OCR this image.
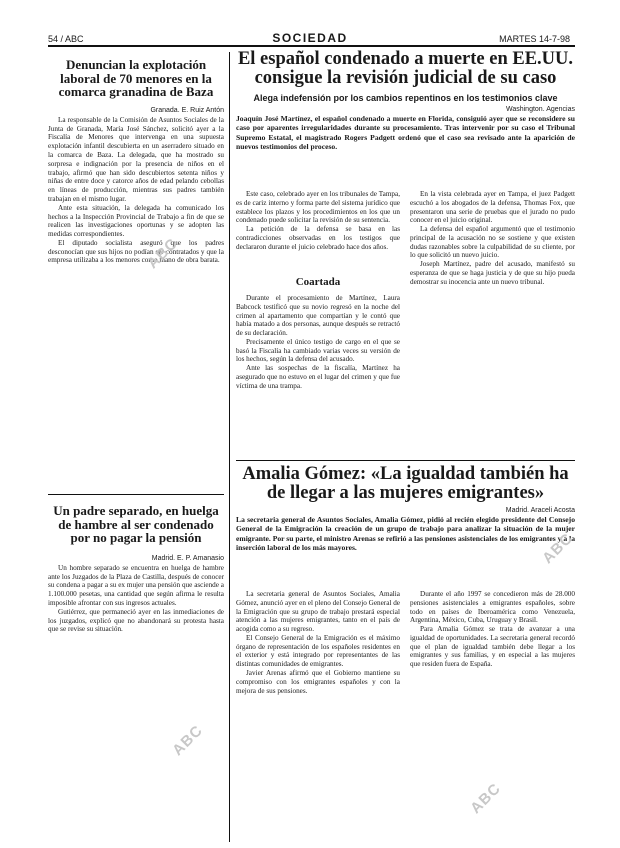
54 / ABC	SOCIEDAD	MARTES 14-7-98
Denuncian la explotación laboral de 70 menores en la comarca granadina de Baza
Granada. E. Ruiz Antón

La responsable de la Comisión de Asuntos Sociales de la Junta de Granada, María José Sánchez, solicitó ayer a la Fiscalía de Menores que intervenga en una supuesta explotación infantil descubierta en un aserradero situado en la comarca de Baza. La delegada, que ha mostrado su sorpresa e indignación por la presencia de niños en el trabajo, afirmó que han sido descubiertos setenta niños y niñas de entre doce y catorce años de edad pelando cebollas en líneas de producción, mientras sus padres también trabajan en el mismo lugar.

Ante esta situación, la delegada ha comunicado los hechos a la Inspección Provincial de Trabajo a fin de que se realicen las investigaciones oportunas y se adopten las medidas correspondientes.

El diputado socialista aseguró que los padres desconocían que sus hijos no podían ser contratados y que la empresa utilizaba a los menores como mano de obra barata.

Un padre separado, en huelga de hambre al ser condenado por no pagar la pensión
Madrid. E. P. Amanasio

Un hombre separado se encuentra en huelga de hambre ante los Juzgados de la Plaza de Castilla, después de conocer su condena a pagar a su ex mujer una pensión que asciende a 1.100.000 pesetas, una cantidad que según afirma le resulta imposible afrontar con sus ingresos actuales.

Gutiérrez, que permaneció ayer en las inmediaciones de los juzgados, explicó que no abandonará su protesta hasta que se revise su situación.

El español condenado a muerte en EE.UU. consigue la revisión judicial de su caso
Alega indefensión por los cambios repentinos en los testimonios clave
Washington. Agencias

Joaquín José Martínez, el español condenado a muerte en Florida, consiguió ayer que se reconsidere su caso por aparentes irregularidades durante su procesamiento. Tras intervenir por su caso el Tribunal Supremo Estatal, el magistrado Rogers Padgett ordenó que el caso sea revisado ante la aparición de nuevos testimonios del proceso.

Este caso, celebrado ayer en los tribunales de Tampa, es de cariz interno y forma parte del sistema jurídico que establece los plazos y los procedimientos en los que un condenado puede solicitar la revisión de su sentencia.

La petición de la defensa se basa en las contradicciones observadas en los testigos que declararon durante el juicio celebrado hace dos años.

Coartada

Durante el procesamiento de Martínez, Laura Babcock testificó que su novio regresó en la noche del crimen al apartamento que compartían y le contó que había matado a dos personas, aunque después se retractó de su declaración.

Precisamente el único testigo de cargo en el que se basó la Fiscalía ha cambiado varias veces su versión de los hechos, según la defensa del acusado.

Ante las sospechas de la fiscalía, Martínez ha asegurado que no estuvo en el lugar del crimen y que fue víctima de una trampa.

En la vista celebrada ayer en Tampa, el juez Padgett escuchó a los abogados de la defensa, Thomas Fox, que presentaron una serie de pruebas que el jurado no pudo conocer en el juicio original.

La defensa del español argumentó que el testimonio principal de la acusación no se sostiene y que existen dudas razonables sobre la culpabilidad de su cliente, por lo que solicitó un nuevo juicio.

Joseph Martínez, padre del acusado, manifestó su esperanza de que se haga justicia y de que su hijo pueda demostrar su inocencia ante un nuevo tribunal.

Amalia Gómez: «La igualdad también ha de llegar a las mujeres emigrantes»
Madrid. Araceli Acosta

La secretaria general de Asuntos Sociales, Amalia Gómez, pidió al recién elegido presidente del Consejo General de la Emigración la creación de un grupo de trabajo para analizar la situación de la mujer emigrante. Por su parte, el ministro Arenas se refirió a las pensiones asistenciales de los emigrantes y a la inserción laboral de los más mayores.

La secretaria general de Asuntos Sociales, Amalia Gómez, anunció ayer en el pleno del Consejo General de la Emigración que su grupo de trabajo prestará especial atención a las mujeres emigrantes, tanto en el país de acogida como a su regreso.

El Consejo General de la Emigración es el máximo órgano de representación de los españoles residentes en el exterior y está integrado por representantes de las distintas comunidades de emigrantes.

Javier Arenas afirmó que el Gobierno mantiene su compromiso con los emigrantes españoles y con la mejora de sus pensiones.

Durante el año 1997 se concedieron más de 28.000 pensiones asistenciales a emigrantes españoles, sobre todo en países de Iberoamérica como Venezuela, Argentina, México, Cuba, Uruguay y Brasil.

Para Amalia Gómez se trata de avanzar a una igualdad de oportunidades. La secretaria general recordó que el plan de igualdad también debe llegar a los emigrantes y sus familias, y en especial a las mujeres que residen fuera de España.

ABC
ABC
ABC
ABC
